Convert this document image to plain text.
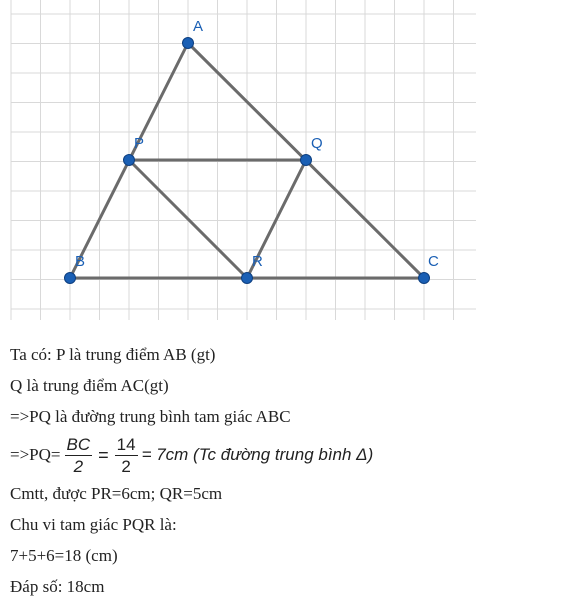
A
P	Q
B	R	C
Ta có: P là trung điểm AB (gt)
Q là trung điểm AC(gt)
=>PQ là đường trung bình tam giác ABC
$=>PQ= \frac{BC}{2} = \frac{14}{2} = 7cm$ (Tc đường trung bình Δ)
Cmtt, được PR=6cm; QR=5cm
Chu vi tam giác PQR là:
7+5+6=18 (cm)
Đáp số: 18cm
